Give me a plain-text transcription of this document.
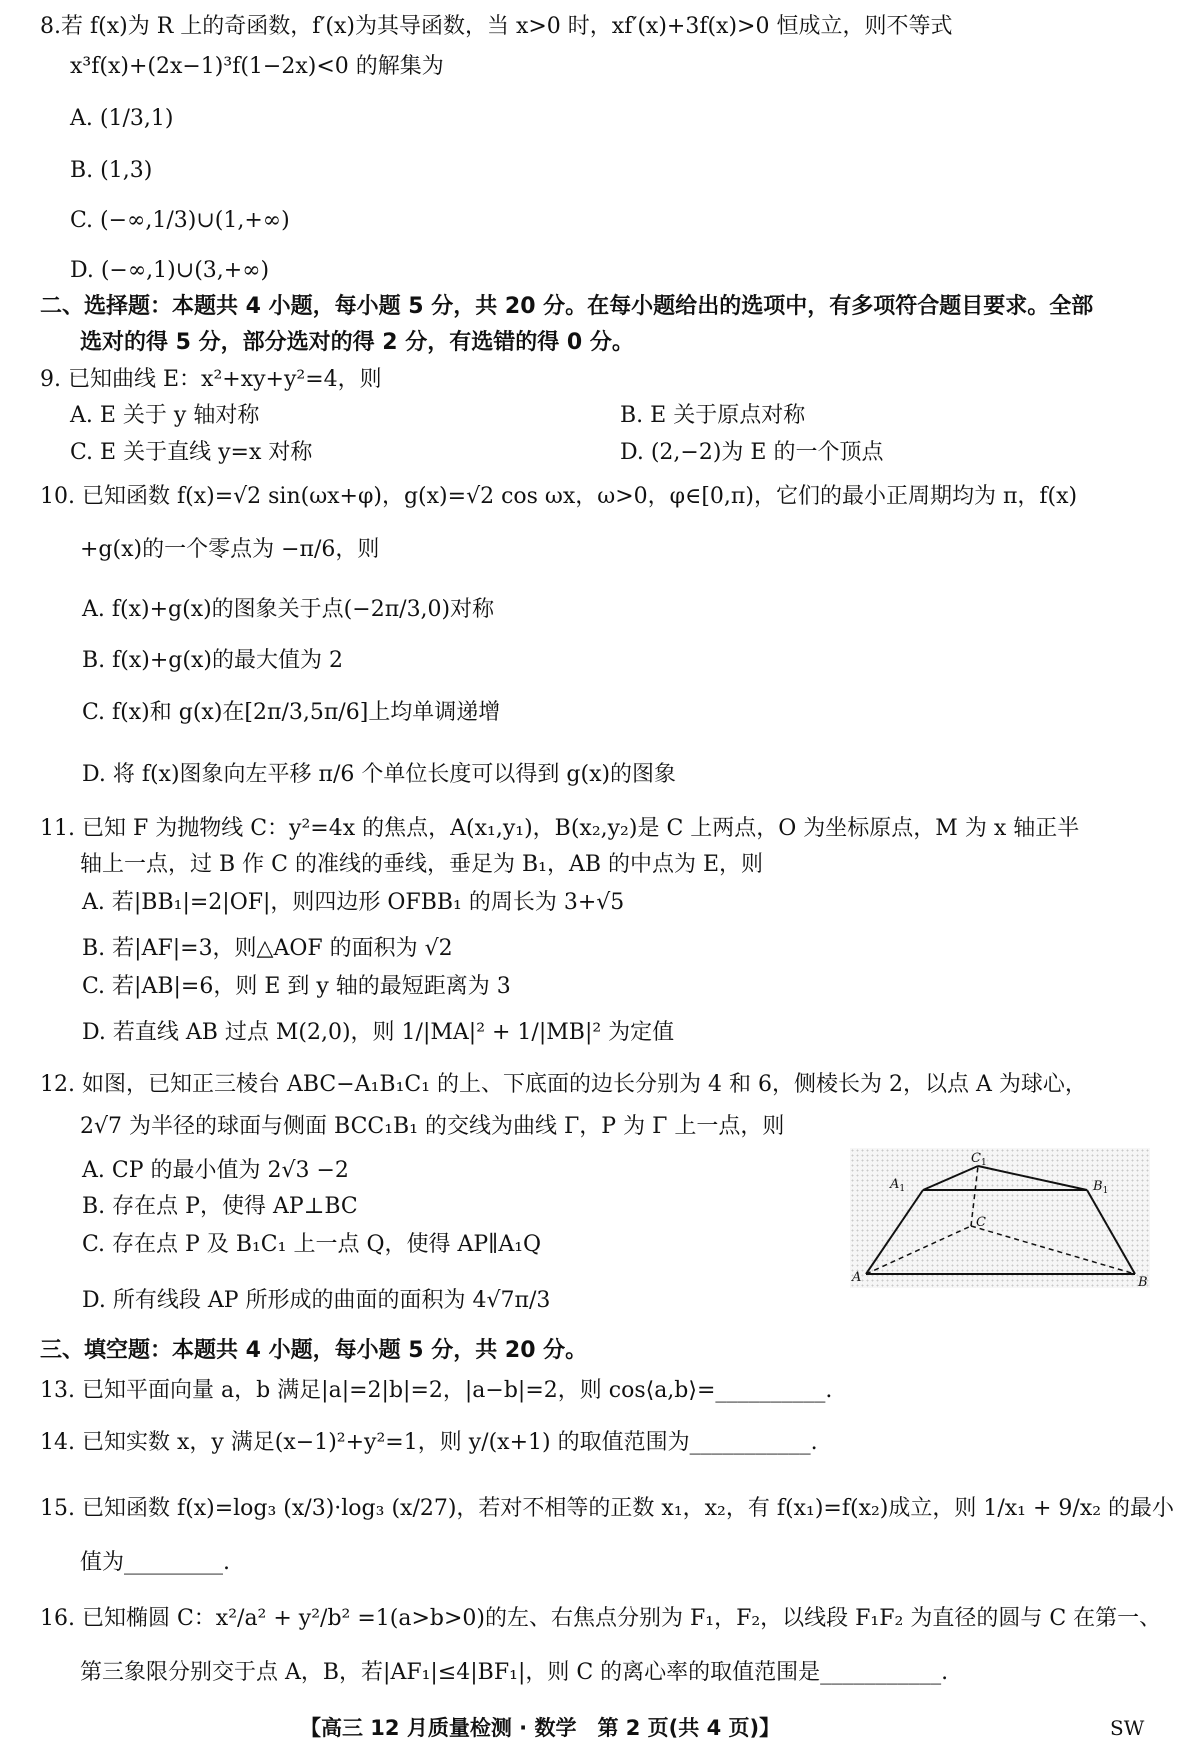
8.若 f(x)为 R 上的奇函数，f′(x)为其导函数，当 x>0 时，xf′(x)+3f(x)>0 恒成立，则不等式
x³f(x)+(2x−1)³f(1−2x)<0 的解集为
A. (1/3,1)
B. (1,3)
C. (−∞,1/3)∪(1,+∞)
D. (−∞,1)∪(3,+∞)
二、选择题：本题共 4 小题，每小题 5 分，共 20 分。在每小题给出的选项中，有多项符合题目要求。全部
选对的得 5 分，部分选对的得 2 分，有选错的得 0 分。
9. 已知曲线 E：x²+xy+y²=4，则
A. E 关于 y 轴对称	B. E 关于原点对称
C. E 关于直线 y=x 对称	D. (2,−2)为 E 的一个顶点
10. 已知函数 f(x)=√2 sin(ωx+φ)，g(x)=√2 cos ωx，ω>0，φ∈[0,π)，它们的最小正周期均为 π，f(x)
+g(x)的一个零点为 −π/6，则
A. f(x)+g(x)的图象关于点(−2π/3,0)对称
B. f(x)+g(x)的最大值为 2
C. f(x)和 g(x)在[2π/3,5π/6]上均单调递增
D. 将 f(x)图象向左平移 π/6 个单位长度可以得到 g(x)的图象
11. 已知 F 为抛物线 C：y²=4x 的焦点，A(x₁,y₁)，B(x₂,y₂)是 C 上两点，O 为坐标原点，M 为 x 轴正半
轴上一点，过 B 作 C 的准线的垂线，垂足为 B₁，AB 的中点为 E，则
A. 若|BB₁|=2|OF|，则四边形 OFBB₁ 的周长为 3+√5
B. 若|AF|=3，则△AOF 的面积为 √2
C. 若|AB|=6，则 E 到 y 轴的最短距离为 3
D. 若直线 AB 过点 M(2,0)，则 1/|MA|² + 1/|MB|² 为定值
12. 如图，已知正三棱台 ABC−A₁B₁C₁ 的上、下底面的边长分别为 4 和 6，侧棱长为 2，以点 A 为球心，
2√7 为半径的球面与侧面 BCC₁B₁ 的交线为曲线 Γ，P 为 Γ 上一点，则
A. CP 的最小值为 2√3 −2
B. 存在点 P，使得 AP⊥BC
C. 存在点 P 及 B₁C₁ 上一点 Q，使得 AP∥A₁Q
D. 所有线段 AP 所形成的曲面的面积为 4√7π/3
$A_1$	$B_1$
$C_1$
C
A	B
三、填空题：本题共 4 小题，每小题 5 分，共 20 分。
13. 已知平面向量 a，b 满足|a|=2|b|=2，|a−b|=2，则 cos⟨a,b⟩=__________.
14. 已知实数 x，y 满足(x−1)²+y²=1，则 y/(x+1) 的取值范围为___________.
15. 已知函数 f(x)=log₃ (x/3)·log₃ (x/27)，若对不相等的正数 x₁，x₂，有 f(x₁)=f(x₂)成立，则 1/x₁ + 9/x₂ 的最小
值为_________.
16. 已知椭圆 C：x²/a² + y²/b² =1(a>b>0)的左、右焦点分别为 F₁，F₂，以线段 F₁F₂ 为直径的圆与 C 在第一、
第三象限分别交于点 A，B，若|AF₁|≤4|BF₁|，则 C 的离心率的取值范围是___________.
【高三 12 月质量检测 · 数学　第 2 页(共 4 页)】	SW
